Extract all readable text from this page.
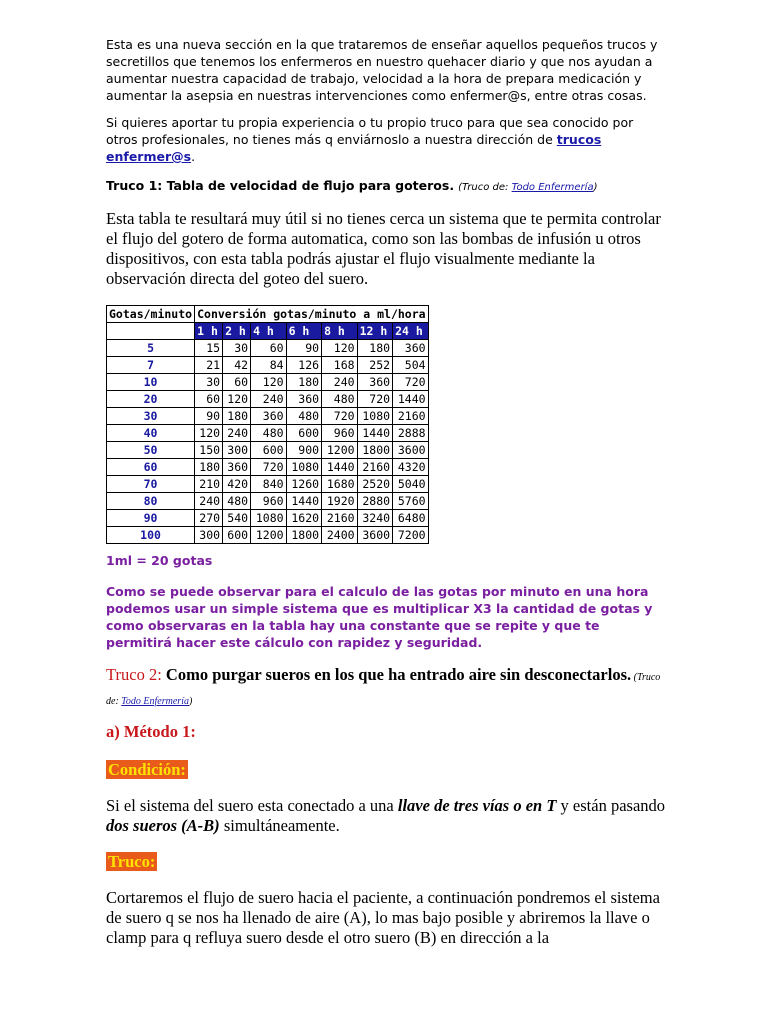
Esta es una nueva sección en la que trataremos de enseñar aquellos pequeños trucos y secretillos que tenemos los enfermeros en nuestro quehacer diario y que nos ayudan a aumentar nuestra capacidad de trabajo, velocidad a la hora de prepara medicación y aumentar la asepsia en nuestras intervenciones como enfermer@s, entre otras cosas.
Si quieres aportar tu propia experiencia o tu propio truco para que sea conocido por otros profesionales, no tienes más q enviárnoslo a nuestra dirección de trucos enfermer@s.
Truco 1: Tabla de velocidad de flujo para goteros. (Truco de: Todo Enfermería)
Esta tabla te resultará muy útil si no tienes cerca un sistema que te permita controlar el flujo del gotero de forma automatica, como son las bombas de infusión u otros dispositivos, con esta tabla podrás ajustar el flujo visualmente mediante la observación directa del goteo del suero.
Gotas/minuto	Conversión gotas/minuto a ml/hora						
	1 h	2 h	4 h	6 h	8 h	12 h	24 h
5	15	30	60	90	120	180	360
7	21	42	84	126	168	252	504
10	30	60	120	180	240	360	720
20	60	120	240	360	480	720	1440
30	90	180	360	480	720	1080	2160
40	120	240	480	600	960	1440	2888
50	150	300	600	900	1200	1800	3600
60	180	360	720	1080	1440	2160	4320
70	210	420	840	1260	1680	2520	5040
80	240	480	960	1440	1920	2880	5760
90	270	540	1080	1620	2160	3240	6480
100	300	600	1200	1800	2400	3600	7200
1ml = 20 gotas
Como se puede observar para el calculo de las gotas por minuto en una hora podemos usar un simple sistema que es multiplicar X3 la cantidad de gotas y como observaras en la tabla hay una constante que se repite y que te permitirá hacer este cálculo con rapidez y seguridad.
Truco 2: Como purgar sueros en los que ha entrado aire sin desconectarlos. (Truco de: Todo Enfermería)
a) Método 1:
Condición:
Si el sistema del suero esta conectado a una llave de tres vías o en T y están pasando dos sueros (A-B) simultáneamente.
Truco:
Cortaremos el flujo de suero hacia el paciente, a continuación pondremos el sistema de suero q se nos ha llenado de aire (A), lo mas bajo posible y abriremos la llave o clamp para q refluya suero desde el otro suero (B) en dirección a la
